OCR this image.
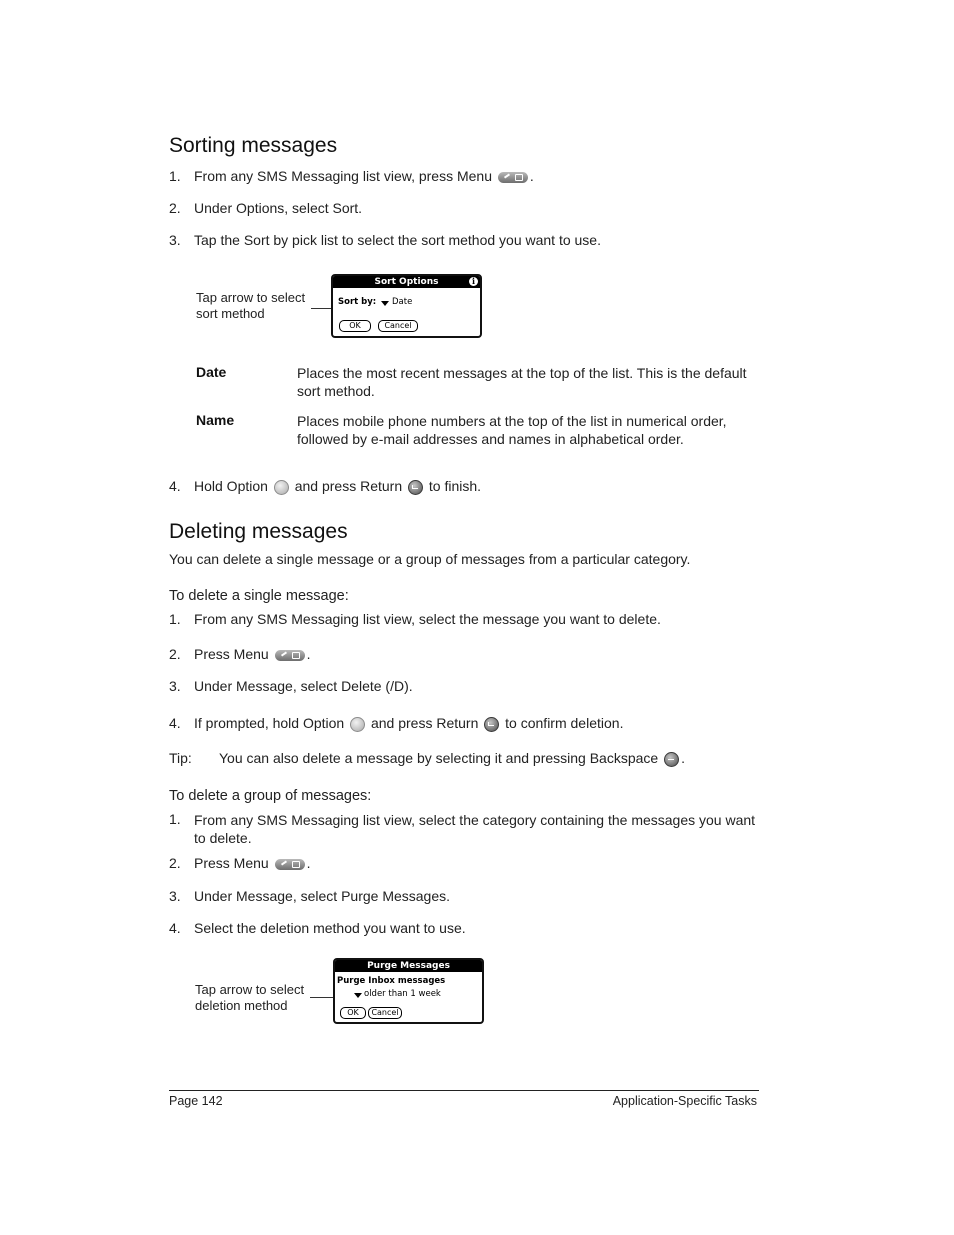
Sorting messages
1. From any SMS Messaging list view, press Menu	.
2. Under Options, select Sort.
3. Tap the Sort by pick list to select the sort method you want to use.
Tap arrow to select
sort method
Sort Options	i
Sort by: Date
OK	Cancel
Date	Places the most recent messages at the top of the list. This is the default sort method.
Name	Places mobile phone numbers at the top of the list in numerical order, followed by e-mail addresses and names in alphabetical order.
4. Hold Option and press Return to finish.
Deleting messages
You can delete a single message or a group of messages from a particular category.
To delete a single message:
1. From any SMS Messaging list view, select the message you want to delete.
2. Press Menu	.
3. Under Message, select Delete (/D).
4. If prompted, hold Option and press Return to confirm deletion.
Tip: You can also delete a message by selecting it and pressing Backspace .
To delete a group of messages:
1. From any SMS Messaging list view, select the category containing the messages you want to delete.
2. Press Menu	.
3. Under Message, select Purge Messages.
4. Select the deletion method you want to use.
Tap arrow to select
deletion method
Purge Messages
Purge Inbox messages
older than 1 week
OK	Cancel
Page 142	Application-Specific Tasks
